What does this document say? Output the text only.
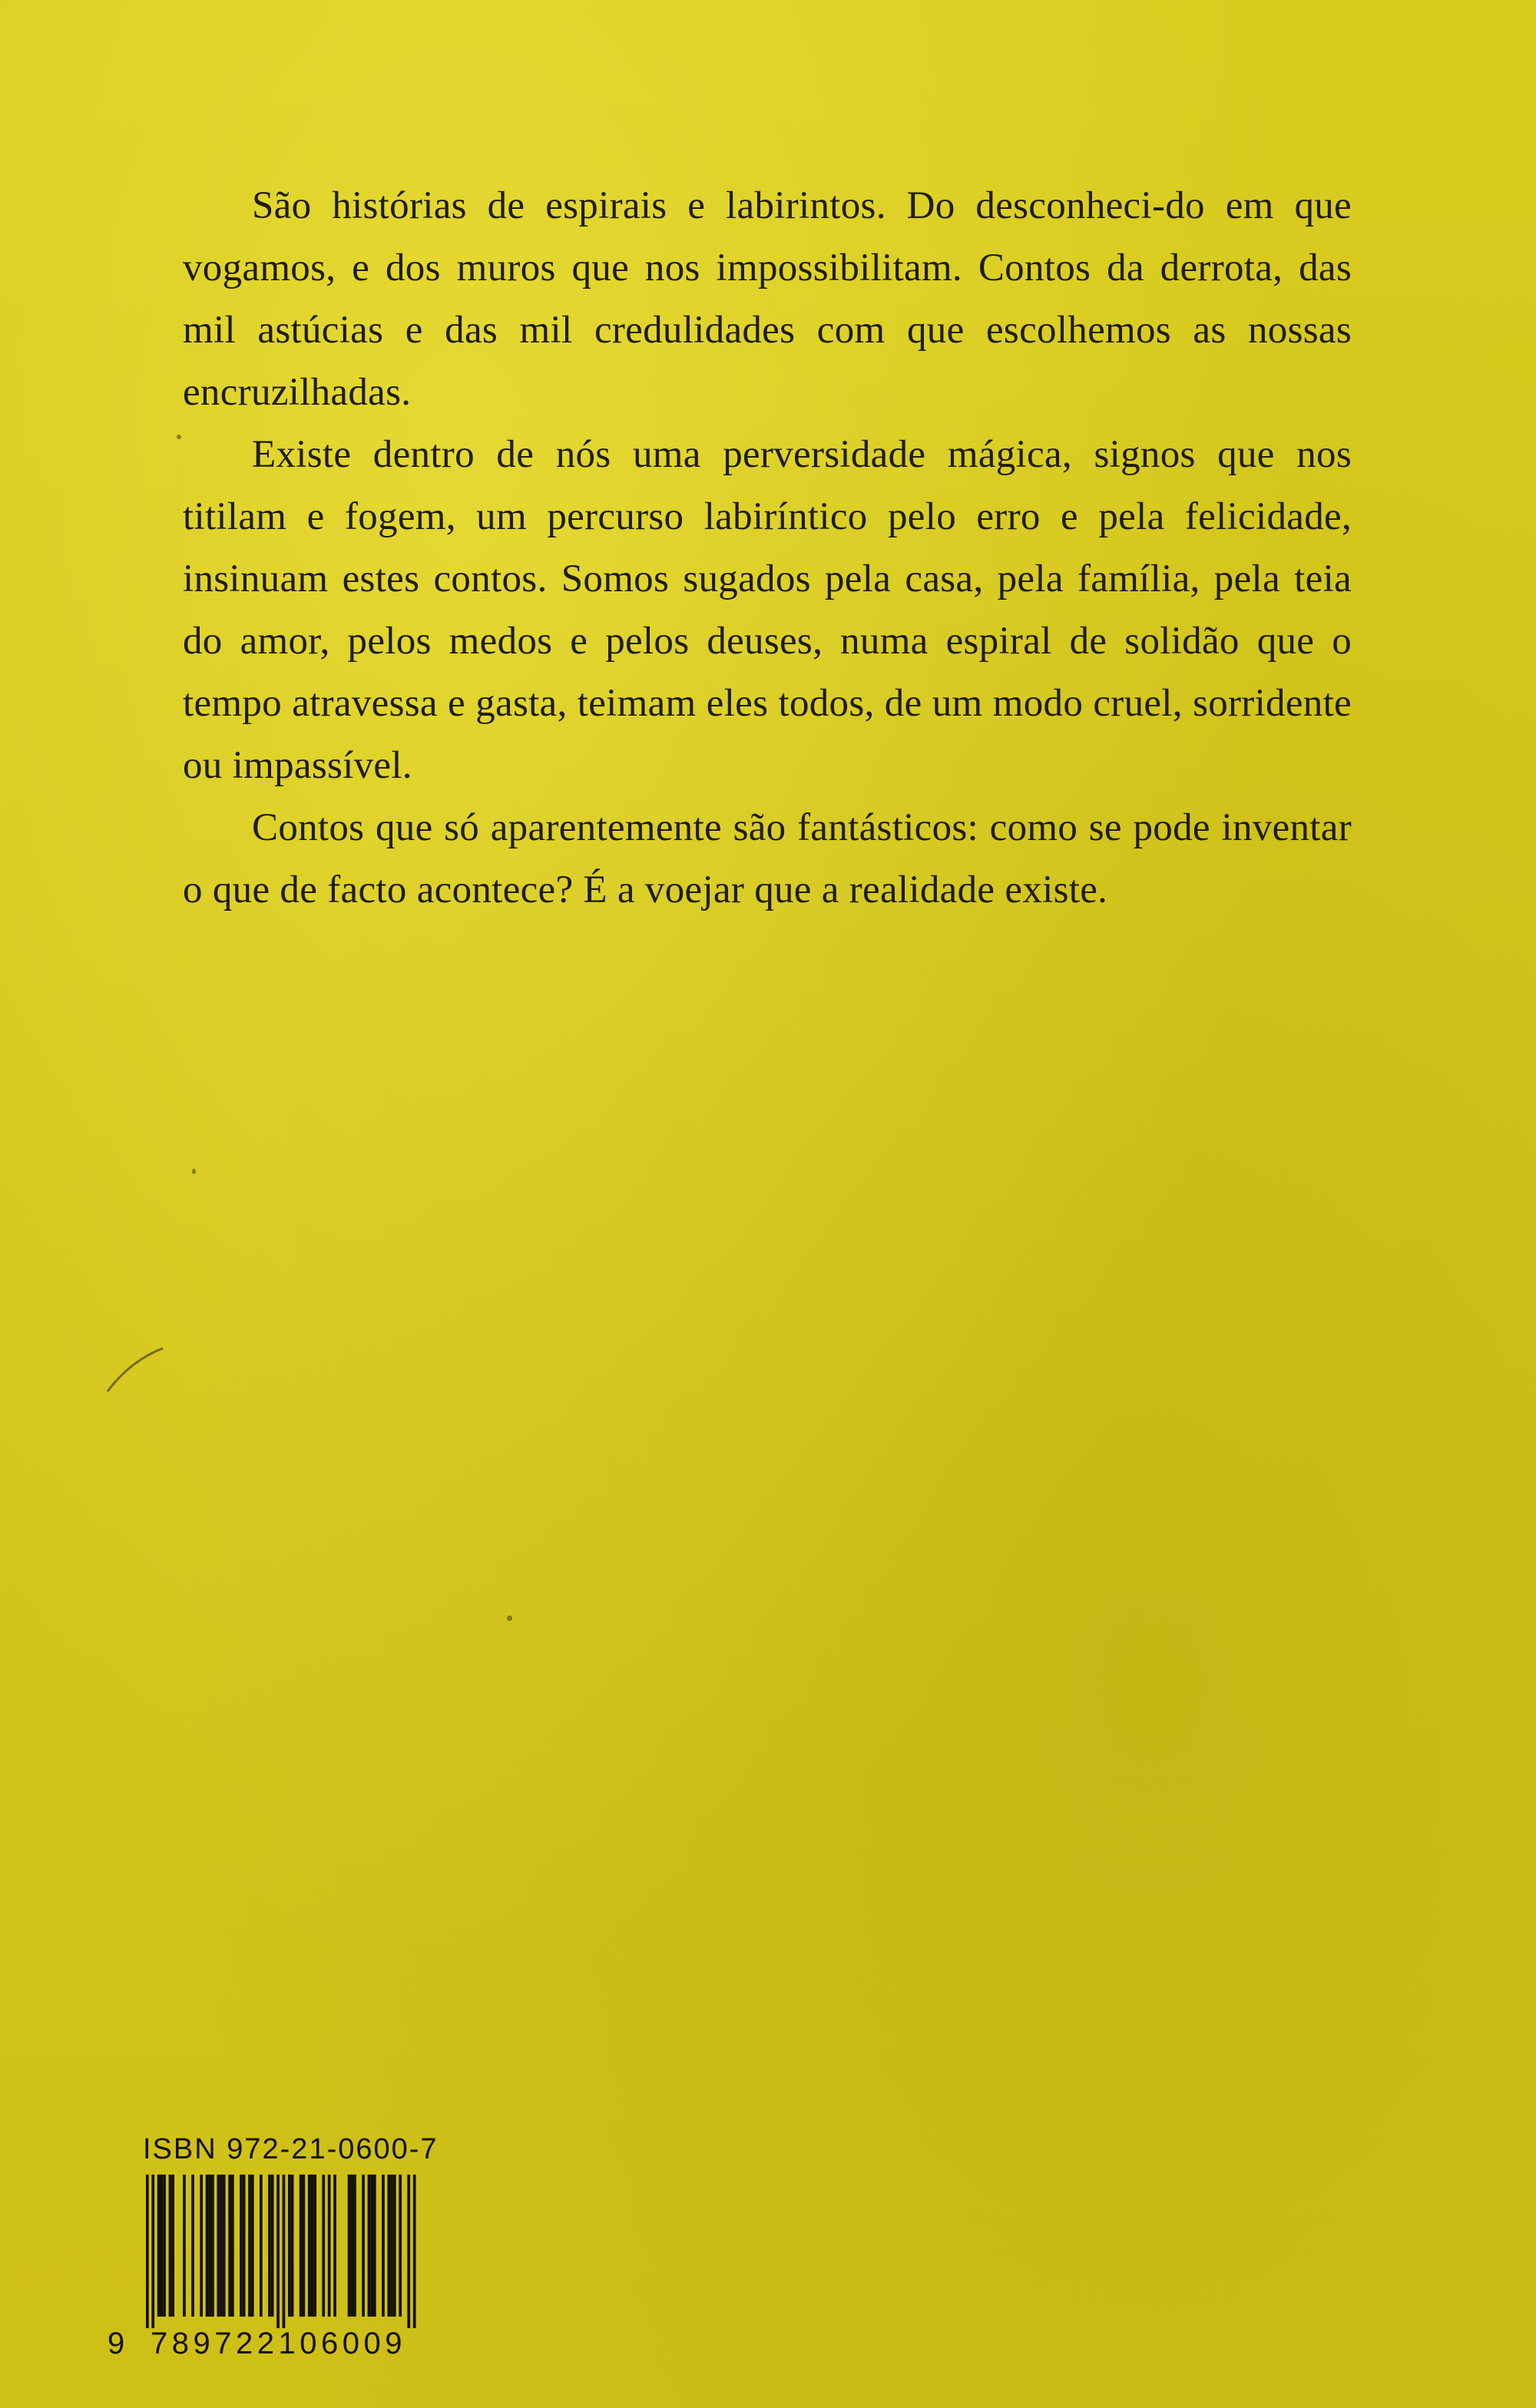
São histórias de espirais e labirintos. Do desconheci-do em que vogamos, e dos muros que nos impossibilitam. Contos da derrota, das mil astúcias e das mil credulidades com que escolhemos as nossas encruzilhadas.

Existe dentro de nós uma perversidade mágica, signos que nos titilam e fogem, um percurso labiríntico pelo erro e pela felicidade, insinuam estes contos. Somos sugados pela casa, pela família, pela teia do amor, pelos medos e pelos deuses, numa espiral de solidão que o tempo atravessa e gasta, teimam eles todos, de um modo cruel, sorridente ou impassível.

Contos que só aparentemente são fantásticos: como se pode inventar o que de facto acontece? É a voejar que a realidade existe.

ISBN 972-21-0600-7
9 789722106009
